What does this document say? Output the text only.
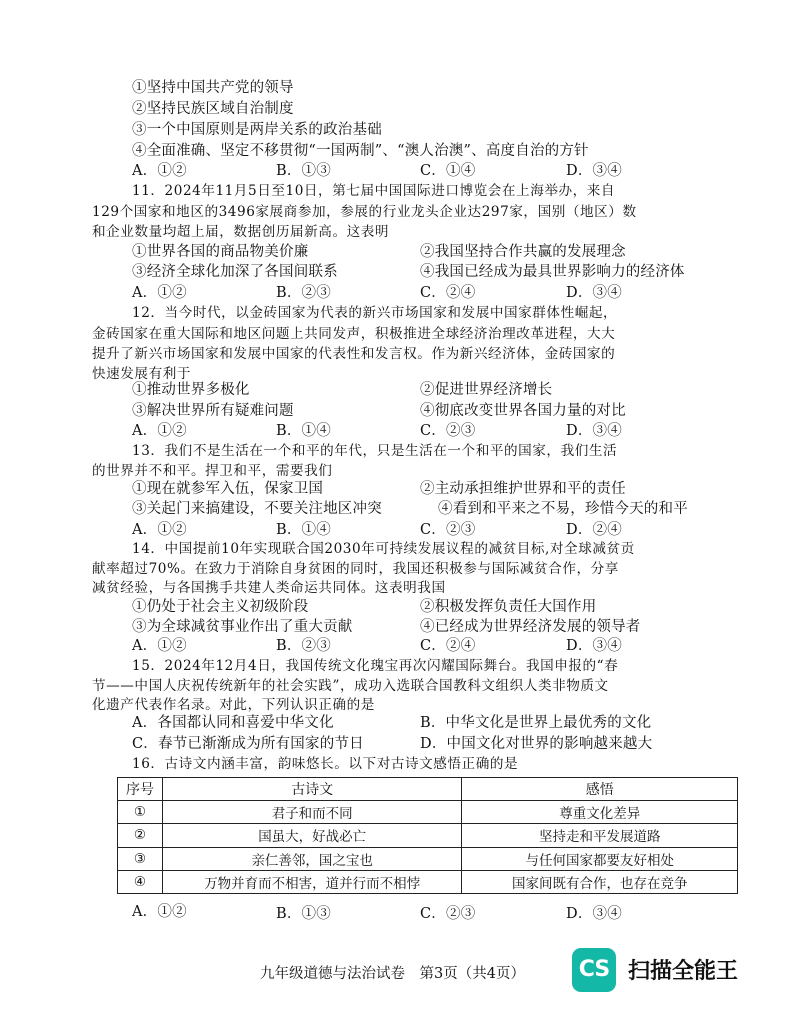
①坚持中国共产党的领导
②坚持民族区域自治制度
③一个中国原则是两岸关系的政治基础
④全面准确、坚定不移贯彻“一国两制”、“澳人治澳”、高度自治的方针
A．①②	B．①③	C．①④	D．③④
11．2024年11月5日至10日，第七届中国国际进口博览会在上海举办，来自
129个国家和地区的3496家展商参加，参展的行业龙头企业达297家，国别（地区）数
和企业数量均超上届，数据创历届新高。这表明
①世界各国的商品物美价廉	②我国坚持合作共赢的发展理念
③经济全球化加深了各国间联系	④我国已经成为最具世界影响力的经济体
A．①②	B．②③	C．②④	D．③④
12．当今时代，以金砖国家为代表的新兴市场国家和发展中国家群体性崛起，
金砖国家在重大国际和地区问题上共同发声，积极推进全球经济治理改革进程，大大
提升了新兴市场国家和发展中国家的代表性和发言权。作为新兴经济体，金砖国家的
快速发展有利于
①推动世界多极化	②促进世界经济增长
③解决世界所有疑难问题	④彻底改变世界各国力量的对比
A．①②	B．①④	C．②③	D．③④
13．我们不是生活在一个和平的年代，只是生活在一个和平的国家，我们生活
的世界并不和平。捍卫和平，需要我们
①现在就参军入伍，保家卫国	②主动承担维护世界和平的责任
③关起门来搞建设，不要关注地区冲突	④看到和平来之不易，珍惜今天的和平
A．①②	B．①④	C．②③	D．②④
14．中国提前10年实现联合国2030年可持续发展议程的减贫目标,对全球减贫贡
献率超过70%。在致力于消除自身贫困的同时，我国还积极参与国际减贫合作，分享
减贫经验，与各国携手共建人类命运共同体。这表明我国
①仍处于社会主义初级阶段	②积极发挥负责任大国作用
③为全球减贫事业作出了重大贡献	④已经成为世界经济发展的领导者
A．①②	B．②③	C．②④	D．③④
15．2024年12月4日，我国传统文化瑰宝再次闪耀国际舞台。我国申报的“春
节——中国人庆祝传统新年的社会实践”，成功入选联合国教科文组织人类非物质文
化遗产代表作名录。对此，下列认识正确的是
A．各国都认同和喜爱中华文化	B．中华文化是世界上最优秀的文化
C．春节已渐渐成为所有国家的节日	D．中国文化对世界的影响越来越大
16．古诗文内涵丰富，韵味悠长。以下对古诗文感悟正确的是
序号	古诗文	感悟
①	君子和而不同	尊重文化差异
②	国虽大，好战必亡	坚持走和平发展道路
③	亲仁善邻，国之宝也	与任何国家都要友好相处
④	万物并育而不相害，道并行而不相悖	国家间既有合作，也存在竞争
A．①②	B．①③	C．②③	D．③④
九年级道德与法治试卷　第3页（共4页）	CS 扫描全能王
